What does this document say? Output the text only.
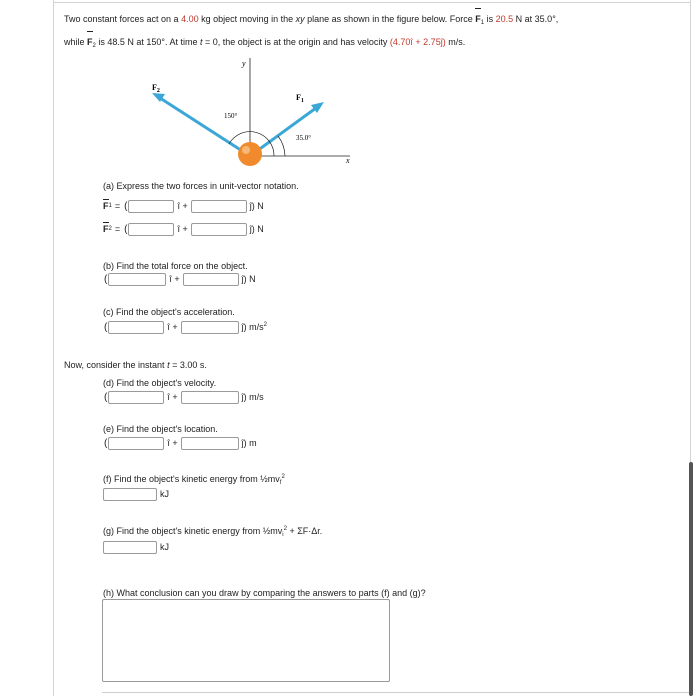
Two constant forces act on a 4.00 kg object moving in the xy plane as shown in the figure below. Force $F_1$ is 20.5 N at 35.0°,
while $F_2$ is 48.5 N at 150°. At time t = 0, the object is at the origin and has velocity (4.70î + 2.75ĵ) m/s.
y
x
$F_2$
$F_1$
150°
35.0°
(a) Express the two forces in unit-vector notation.
F 1 = (	î +	ĵ) N
F 2 = (	î +	ĵ) N
(b) Find the total force on the object.
(	î +	ĵ) N
(c) Find the object's acceleration.
(	î +	ĵ) $m/s^2$
Now, consider the instant t = 3.00 s.
(d) Find the object's velocity.
(	î +	ĵ) m/s
(e) Find the object's location.
(	î +	ĵ) m
(f) Find the object's kinetic energy from $\frac{1}{2}mv_f^2$
kJ
(g) Find the object's kinetic energy from $\frac{1}{2}mv_i^2 + \Sigma F\cdot\Delta r$.
kJ
(h) What conclusion can you draw by comparing the answers to parts (f) and (g)?
